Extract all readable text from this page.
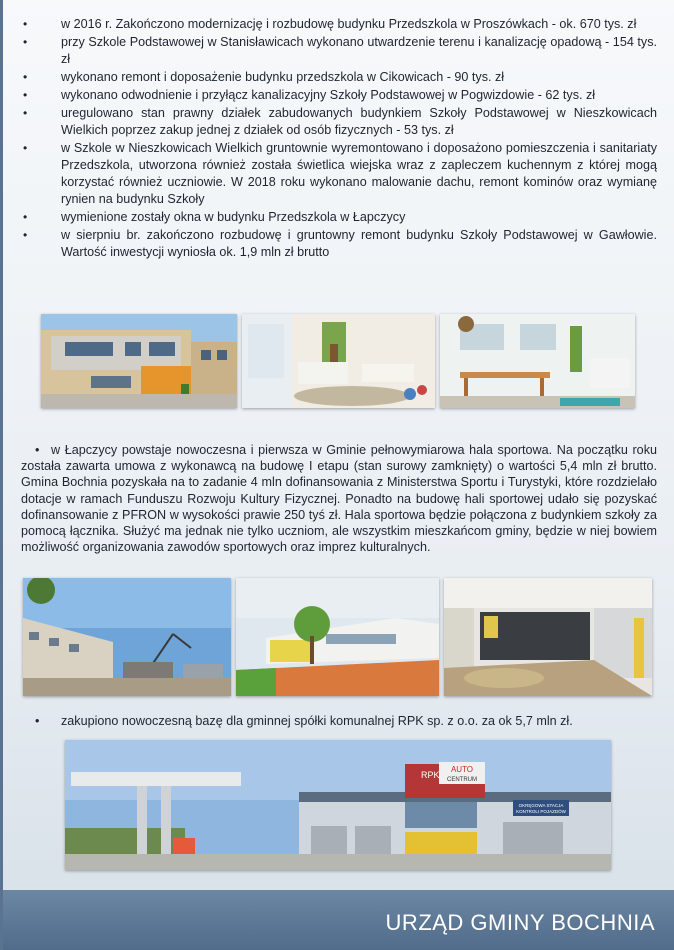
•	w 2016 r. Zakończono modernizację i rozbudowę budynku Przedszkola w Proszówkach - ok. 670 tys. zł
•	przy Szkole Podstawowej w Stanisławicach wykonano utwardzenie terenu i kanalizację opadową - 154 tys. zł
•	wykonano remont i doposażenie budynku przedszkola w Cikowicach - 90 tys. zł
•	wykonano odwodnienie i przyłącz kanalizacyjny Szkoły Podstawowej w Pogwizdowie - 62 tys. zł
•	uregulowano stan prawny działek zabudowanych budynkiem Szkoły Podstawowej w Nieszkowicach Wielkich poprzez zakup jednej z działek od osób fizycznych - 53 tys. zł
•	w Szkole w Nieszkowicach Wielkich gruntownie wyremontowano i doposażono pomieszczenia i sanitariaty Przedszkola, utworzona również została świetlica wiejska wraz z zapleczem kuchennym z której mogą korzystać również uczniowie. W 2018 roku wykonano malowanie dachu, remont kominów oraz wymianę rynien na budynku Szkoły
•	wymienione zostały okna w budynku Przedszkola w Łapczycy
•	w sierpniu br. zakończono rozbudowę i gruntowny remont budynku Szkoły Podstawowej w Gawłowie. Wartość inwestycji wyniosła ok. 1,9 mln zł brutto
• w Łapczycy powstaje nowoczesna i pierwsza w Gminie pełnowymiarowa hala sportowa. Na początku roku została zawarta umowa z wykonawcą na budowę I etapu (stan surowy zamknięty) o wartości 5,4 mln zł brutto. Gmina Bochnia pozyskała na to zadanie 4 mln dofinansowania z Ministerstwa Sportu i Turystyki, które rozdzielało dotacje w ramach Funduszu Rozwoju Kultury Fizycznej. Ponadto na budowę hali sportowej udało się pozyskać dofinansowanie z PFRON w wysokości prawie 250 tyś zł. Hala sportowa będzie połączona z budynkiem szkoły za pomocą łącznika. Służyć ma jednak nie tylko uczniom, ale wszystkim mieszkańcom gminy, będzie w niej bowiem możliwość organizowania zawodów sportowych oraz imprez kulturalnych.
• zakupiono nowoczesną bazę dla gminnej spółki komunalnej RPK sp. z o.o. za ok 5,7 mln zł.
AUTO
CENTRUM
OKRĘGOWA STACJA
KONTROLI POJAZDÓW
RPK
URZĄD GMINY BOCHNIA
